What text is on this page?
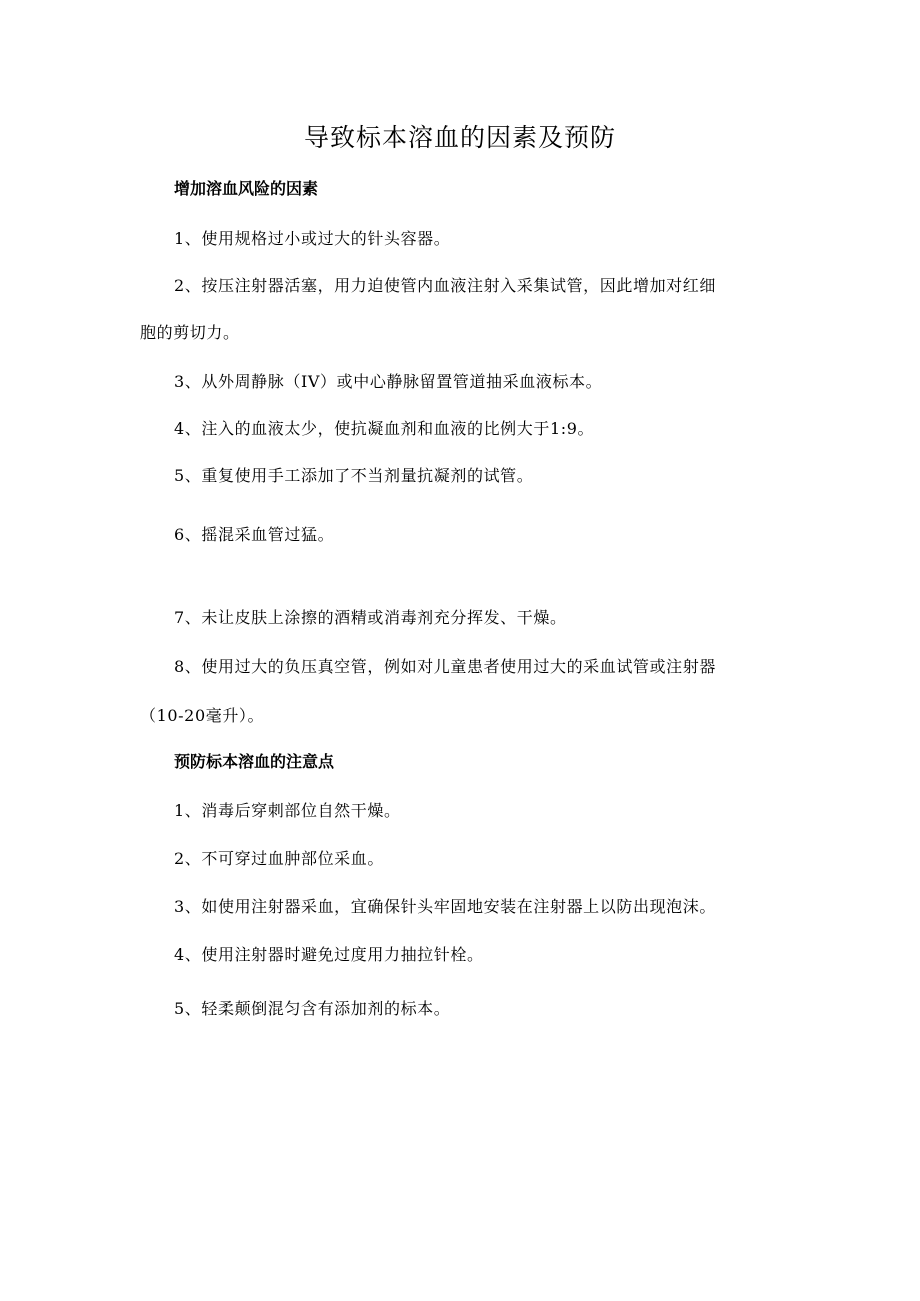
导致标本溶血的因素及预防
增加溶血风险的因素

1、使用规格过小或过大的针头容器。

2、按压注射器活塞，用力迫使管内血液注射入采集试管，因此增加对红细

胞的剪切力。

3、从外周静脉（IV）或中心静脉留置管道抽采血液标本。

4、注入的血液太少，使抗凝血剂和血液的比例大于1:9。

5、重复使用手工添加了不当剂量抗凝剂的试管。

6、摇混采血管过猛。

7、未让皮肤上涂擦的酒精或消毒剂充分挥发、干燥。

8、使用过大的负压真空管，例如对儿童患者使用过大的采血试管或注射器

（10-20毫升）。

预防标本溶血的注意点

1、消毒后穿刺部位自然干燥。

2、不可穿过血肿部位采血。

3、如使用注射器采血，宜确保针头牢固地安装在注射器上以防出现泡沫。

4、使用注射器时避免过度用力抽拉针栓。

5、轻柔颠倒混匀含有添加剂的标本。
